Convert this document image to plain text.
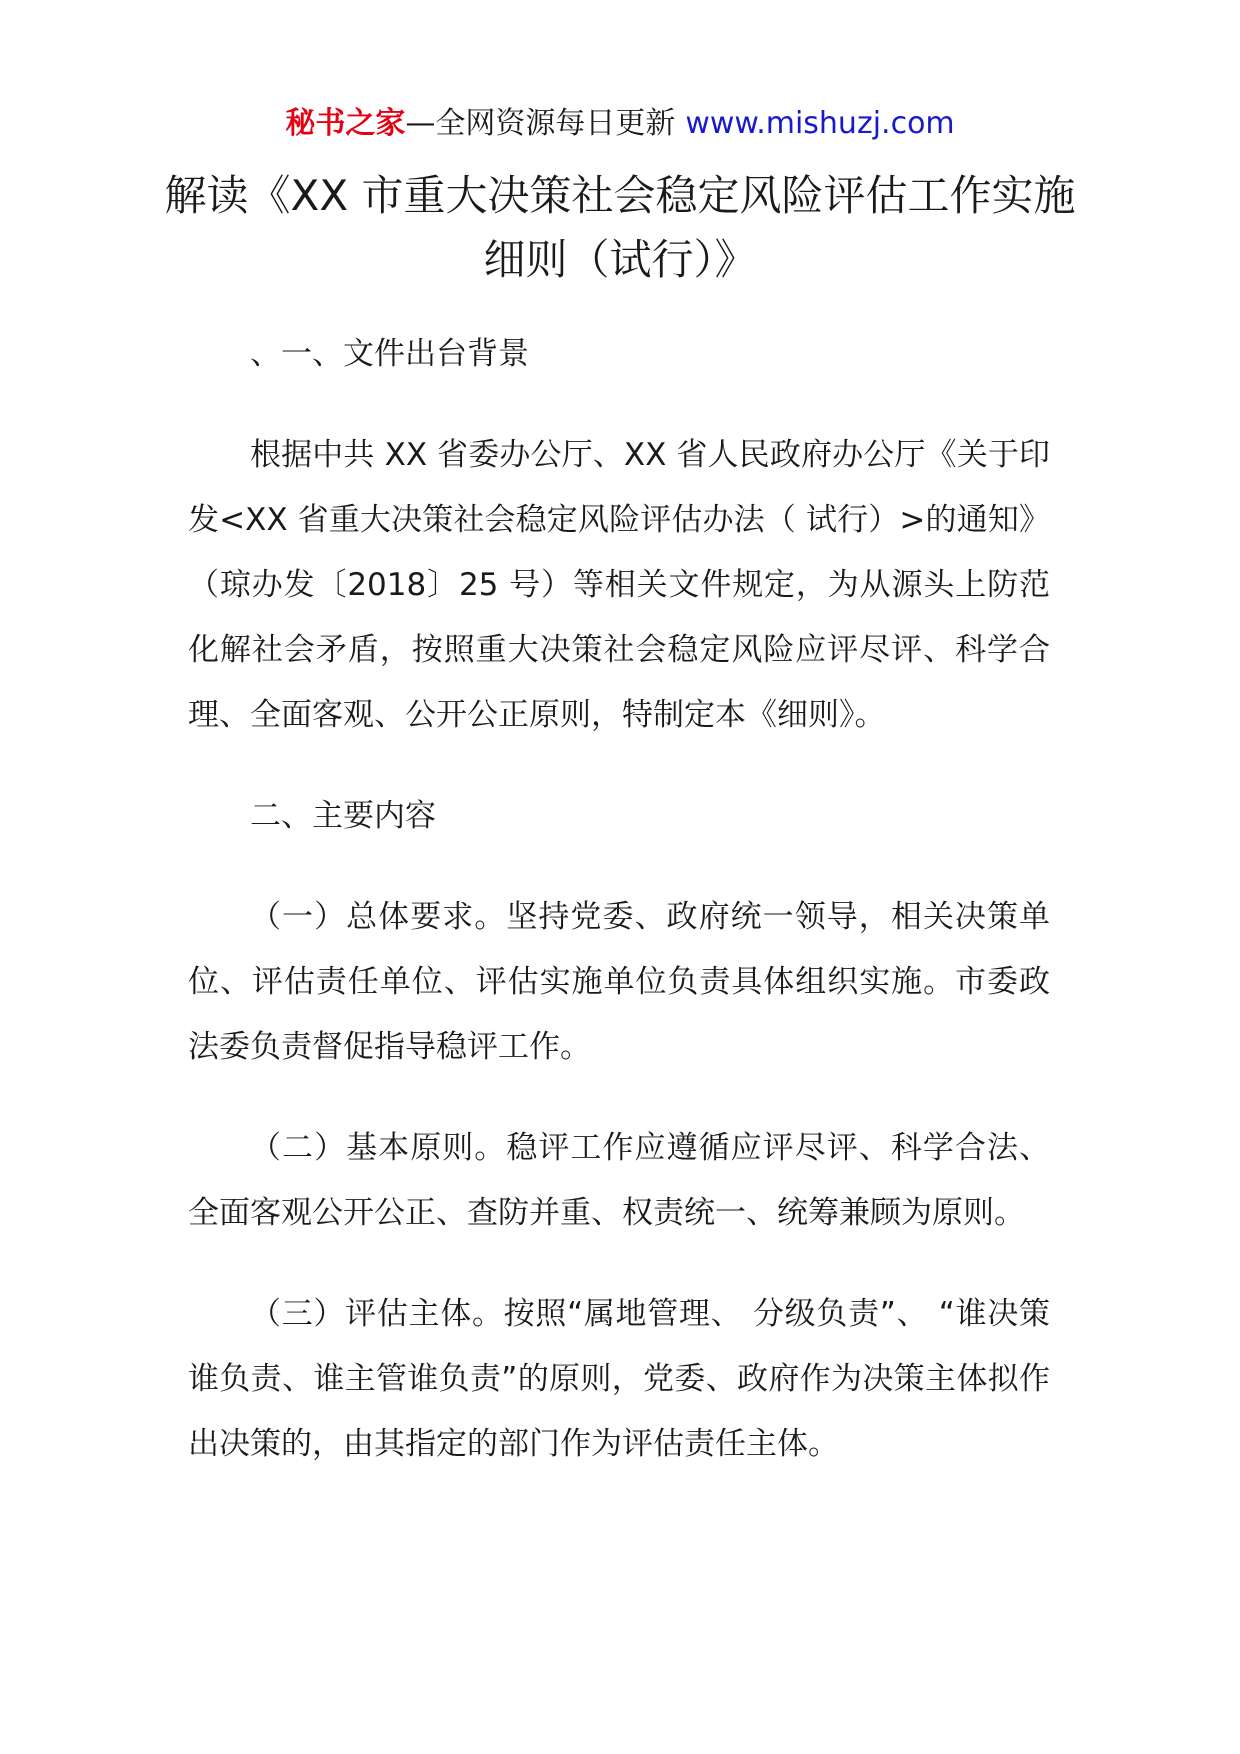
秘书之家—全网资源每日更新 www.mishuzj.com
解读《XX 市重大决策社会稳定风险评估工作实施细则（试行）》

、一、文件出台背景

根据中共 XX 省委办公厅、XX 省人民政府办公厅《关于印发<XX 省重大决策社会稳定风险评估办法（ 试行）>的通知》（琼办发〔2018〕25 号）等相关文件规定，为从源头上防范化解社会矛盾，按照重大决策社会稳定风险应评尽评、科学合理、全面客观、公开公正原则，特制定本《细则》。

二、主要内容

（一）总体要求。坚持党委、政府统一领导，相关决策单位、评估责任单位、评估实施单位负责具体组织实施。市委政法委负责督促指导稳评工作。

（二）基本原则。稳评工作应遵循应评尽评、科学合法、全面客观公开公正、查防并重、权责统一、统筹兼顾为原则。

（三）评估主体。按照“属地管理、 分级负责”、 “谁决策谁负责、谁主管谁负责”的原则，党委、政府作为决策主体拟作出决策的，由其指定的部门作为评估责任主体。
